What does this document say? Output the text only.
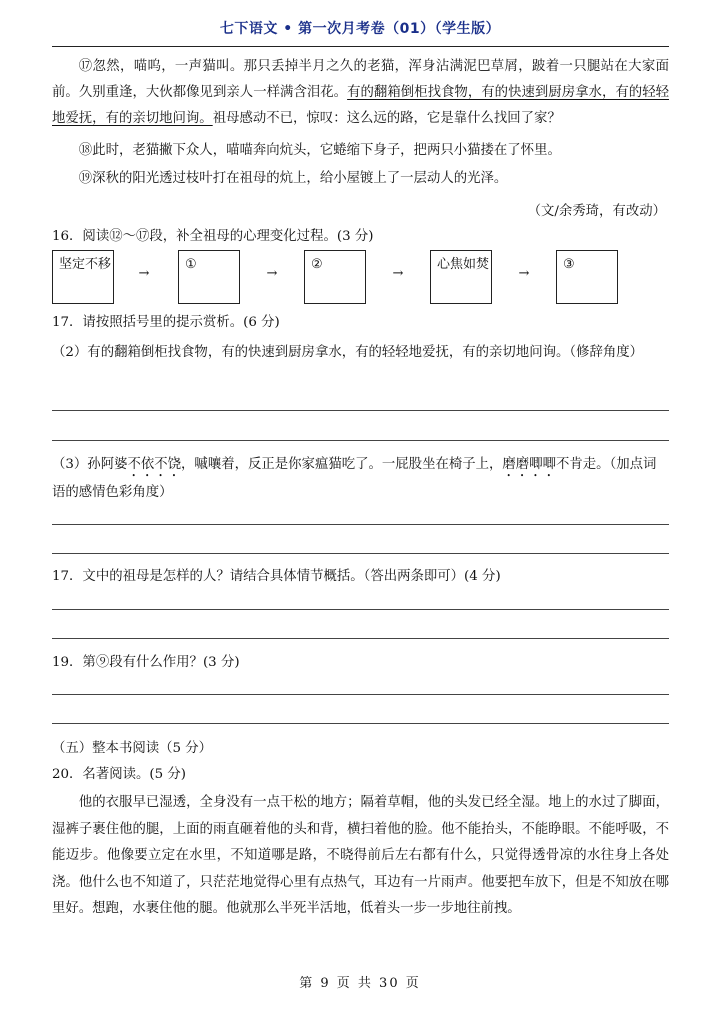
七下语文 • 第一次月考卷（01）（学生版）

⑰忽然，喵呜，一声猫叫。那只丢掉半月之久的老猫，浑身沾满泥巴草屑，跛着一只腿站在大家面前。久别重逢，大伙都像见到亲人一样满含泪花。有的翻箱倒柜找食物，有的快速到厨房拿水，有的轻轻地爱抚，有的亲切地问询。祖母感动不已，惊叹：这么远的路，它是靠什么找回了家？

⑱此时，老猫撇下众人，喵喵奔向炕头，它蜷缩下身子，把两只小猫搂在了怀里。

⑲深秋的阳光透过枝叶打在祖母的炕上，给小屋镀上了一层动人的光泽。

（文/余秀琦，有改动）

16．阅读⑫～⑰段，补全祖母的心理变化过程。(3 分)

坚定不移
→
①
→
②
→
心焦如焚
→
③

17．请按照括号里的提示赏析。(6 分)

（2）有的翻箱倒柜找食物，有的快速到厨房拿水，有的轻轻地爱抚，有的亲切地问询。（修辞角度）

（3）孙阿婆不依不饶，嘁嚷着，反正是你家瘟猫吃了。一屁股坐在椅子上，磨磨唧唧不肯走。（加点词语的感情色彩角度）

17．文中的祖母是怎样的人？请结合具体情节概括。（答出两条即可）(4 分)

19．第⑨段有什么作用？(3 分)

（五）整本书阅读（5 分）

20．名著阅读。(5 分)

他的衣服早已湿透，全身没有一点干松的地方；隔着草帽，他的头发已经全湿。地上的水过了脚面，湿裤子裹住他的腿，上面的雨直砸着他的头和背，横扫着他的脸。他不能抬头，不能睁眼。不能呼吸，不能迈步。他像要立定在水里，不知道哪是路，不晓得前后左右都有什么，只觉得透骨凉的水往身上各处浇。他什么也不知道了，只茫茫地觉得心里有点热气，耳边有一片雨声。他要把车放下，但是不知放在哪里好。想跑，水裹住他的腿。他就那么半死半活地，低着头一步一步地往前拽。

第 9 页 共 30 页
